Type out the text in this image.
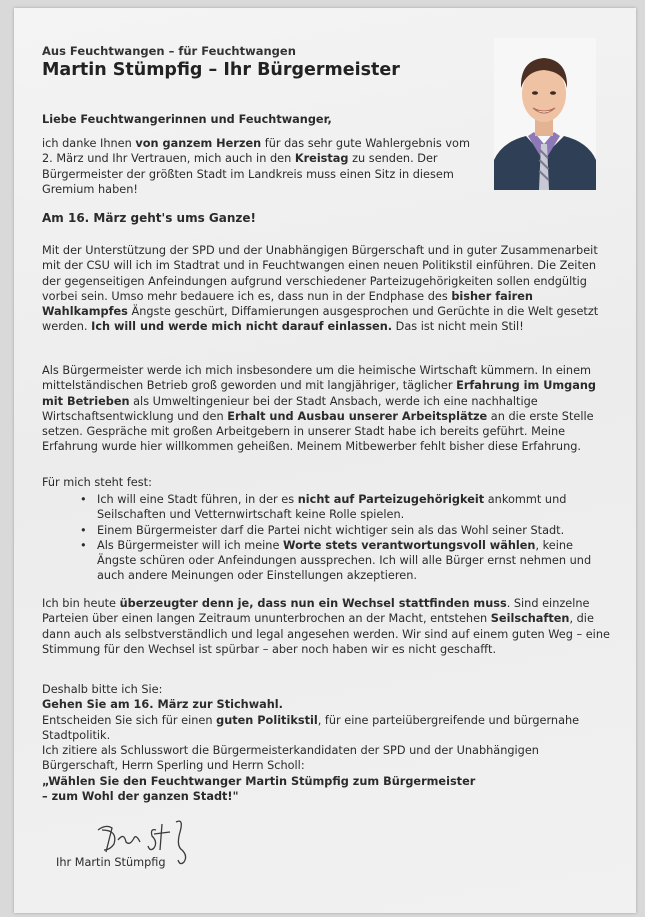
Aus Feuchtwangen – für Feuchtwangen
Martin Stümpfig – Ihr Bürgermeister
Liebe Feuchtwangerinnen und Feuchtwanger,
ich danke Ihnen von ganzem Herzen für das sehr gute Wahlergebnis vom 2. März und Ihr Vertrauen, mich auch in den Kreistag zu senden. Der Bürgermeister der größten Stadt im Landkreis muss einen Sitz in diesem Gremium haben!
Am 16. März geht's ums Ganze!
Mit der Unterstützung der SPD und der Unabhängigen Bürgerschaft und in guter Zusammenarbeit mit der CSU will ich im Stadtrat und in Feuchtwangen einen neuen Politikstil einführen. Die Zeiten der gegenseitigen Anfeindungen aufgrund verschiedener Parteizugehörigkeiten sollen endgültig vorbei sein. Umso mehr bedauere ich es, dass nun in der Endphase des bisher fairen Wahlkampfes Ängste geschürt, Diffamierungen ausgesprochen und Gerüchte in die Welt gesetzt werden. Ich will und werde mich nicht darauf einlassen. Das ist nicht mein Stil!
Als Bürgermeister werde ich mich insbesondere um die heimische Wirtschaft kümmern. In einem mittelständischen Betrieb groß geworden und mit langjähriger, täglicher Erfahrung im Umgang mit Betrieben als Umweltingenieur bei der Stadt Ansbach, werde ich eine nachhaltige Wirtschaftsentwicklung und den Erhalt und Ausbau unserer Arbeitsplätze an die erste Stelle setzen. Gespräche mit großen Arbeitgebern in unserer Stadt habe ich bereits geführt. Meine Erfahrung wurde hier willkommen geheißen. Meinem Mitbewerber fehlt bisher diese Erfahrung.
Für mich steht fest:
• Ich will eine Stadt führen, in der es nicht auf Parteizugehörigkeit ankommt und Seilschaften und Vetternwirtschaft keine Rolle spielen.
• Einem Bürgermeister darf die Partei nicht wichtiger sein als das Wohl seiner Stadt.
• Als Bürgermeister will ich meine Worte stets verantwortungsvoll wählen, keine Ängste schüren oder Anfeindungen aussprechen. Ich will alle Bürger ernst nehmen und auch andere Meinungen oder Einstellungen akzeptieren.
Ich bin heute überzeugter denn je, dass nun ein Wechsel stattfinden muss. Sind einzelne Parteien über einen langen Zeitraum ununterbrochen an der Macht, entstehen Seilschaften, die dann auch als selbstverständlich und legal angesehen werden. Wir sind auf einem guten Weg – eine Stimmung für den Wechsel ist spürbar – aber noch haben wir es nicht geschafft.
Deshalb bitte ich Sie:
Gehen Sie am 16. März zur Stichwahl.
Entscheiden Sie sich für einen guten Politikstil, für eine parteiübergreifende und bürgernahe Stadtpolitik.
Ich zitiere als Schlusswort die Bürgermeisterkandidaten der SPD und der Unabhängigen Bürgerschaft, Herrn Sperling und Herrn Scholl:
„Wählen Sie den Feuchtwanger Martin Stümpfig zum Bürgermeister
– zum Wohl der ganzen Stadt!"
Ihr Martin Stümpfig
